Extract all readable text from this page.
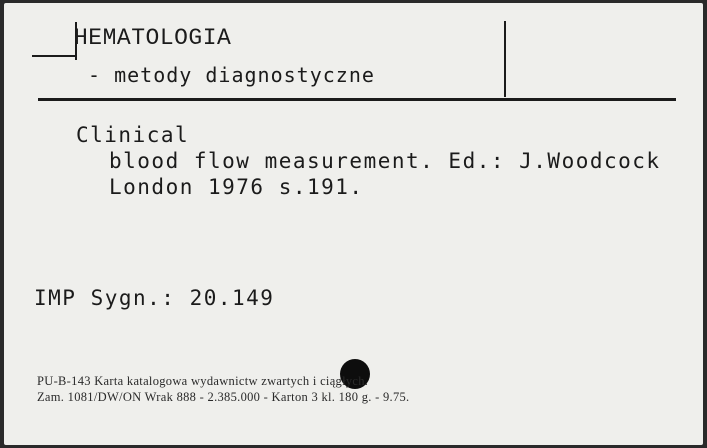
HEMATOLOGIA
- metody diagnostyczne
Clinical
blood flow measurement. Ed.: J.Woodcock
London 1976 s.191.
IMP Sygn.: 20.149
PU-B-143 Karta katalogowa wydawnictw zwartych i ciągłych.
Zam. 1081/DW/ON Wrak 888 - 2.385.000 - Karton 3 kl. 180 g. - 9.75.
